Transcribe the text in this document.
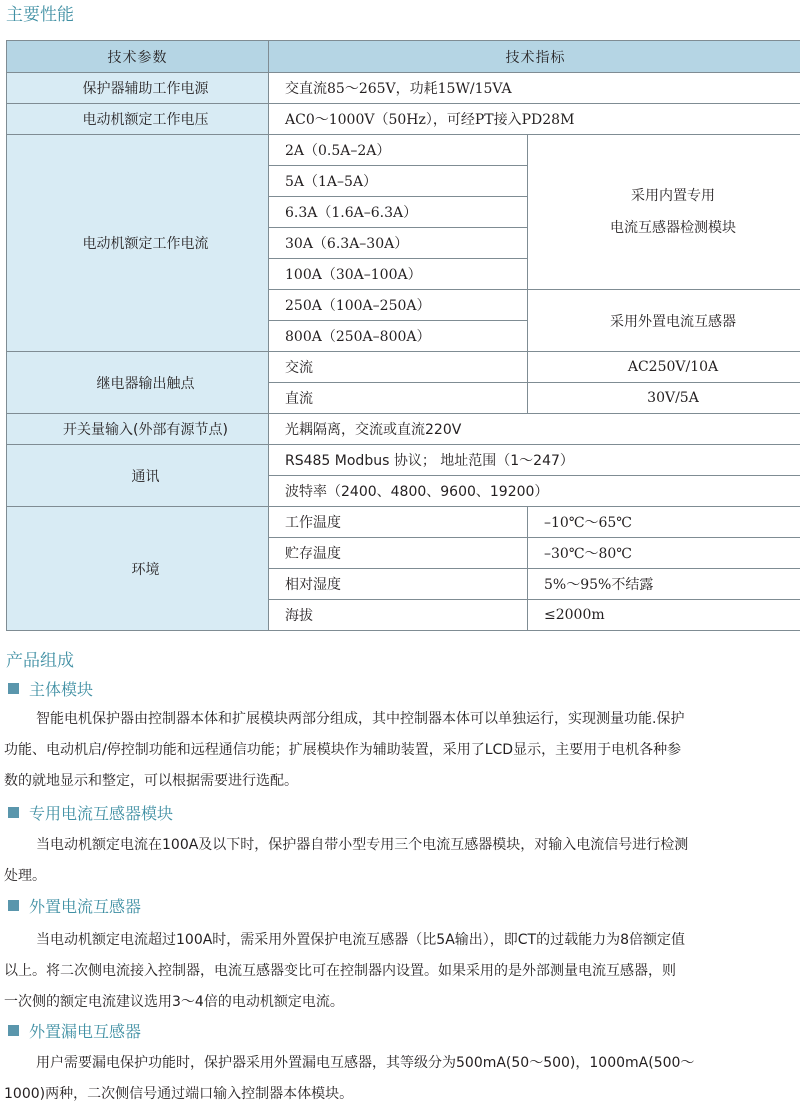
主要性能
技术参数	技术指标	
保护器辅助工作电源	交直流85～265V，功耗15W/15VA	
电动机额定工作电压	AC0～1000V（50Hz），可经PT接入PD28M	
电动机额定工作电流	2A（0.5A–2A）	采用内置专用
电流互感器检测模块

	5A（1A–5A）	
	6.3A（1.6A–6.3A）	
	30A（6.3A–30A）	
	100A（30A–100A）	
	250A（100A–250A）	采用外置电流互感器
	800A（250A–800A）	
继电器输出触点	交流	AC250V/10A
	直流	30V/5A
开关量输入(外部有源节点)	光耦隔离，交流或直流220V	
通讯	RS485 Modbus 协议； 地址范围（1～247）	
	波特率（2400、4800、9600、19200）	
环境	工作温度	–10℃～65℃
	贮存温度	–30℃～80℃
	相对湿度	5%～95%不结露
	海拔	≤2000m
产品组成
主体模块
智能电机保护器由控制器本体和扩展模块两部分组成，其中控制器本体可以单独运行，实现测量功能.保护
功能、电动机启/停控制功能和远程通信功能；扩展模块作为辅助装置，采用了LCD显示，主要用于电机各种参
数的就地显示和整定，可以根据需要进行选配。
专用电流互感器模块
当电动机额定电流在100A及以下时，保护器自带小型专用三个电流互感器模块，对输入电流信号进行检测
处理。
外置电流互感器
当电动机额定电流超过100A时，需采用外置保护电流互感器（比5A输出），即CT的过载能力为8倍额定值
以上。将二次侧电流接入控制器，电流互感器变比可在控制器内设置。如果采用的是外部测量电流互感器，则
一次侧的额定电流建议选用3～4倍的电动机额定电流。
外置漏电互感器
用户需要漏电保护功能时，保护器采用外置漏电互感器，其等级分为500mA(50～500)，1000mA(500～
1000)两种，二次侧信号通过端口输入控制器本体模块。
